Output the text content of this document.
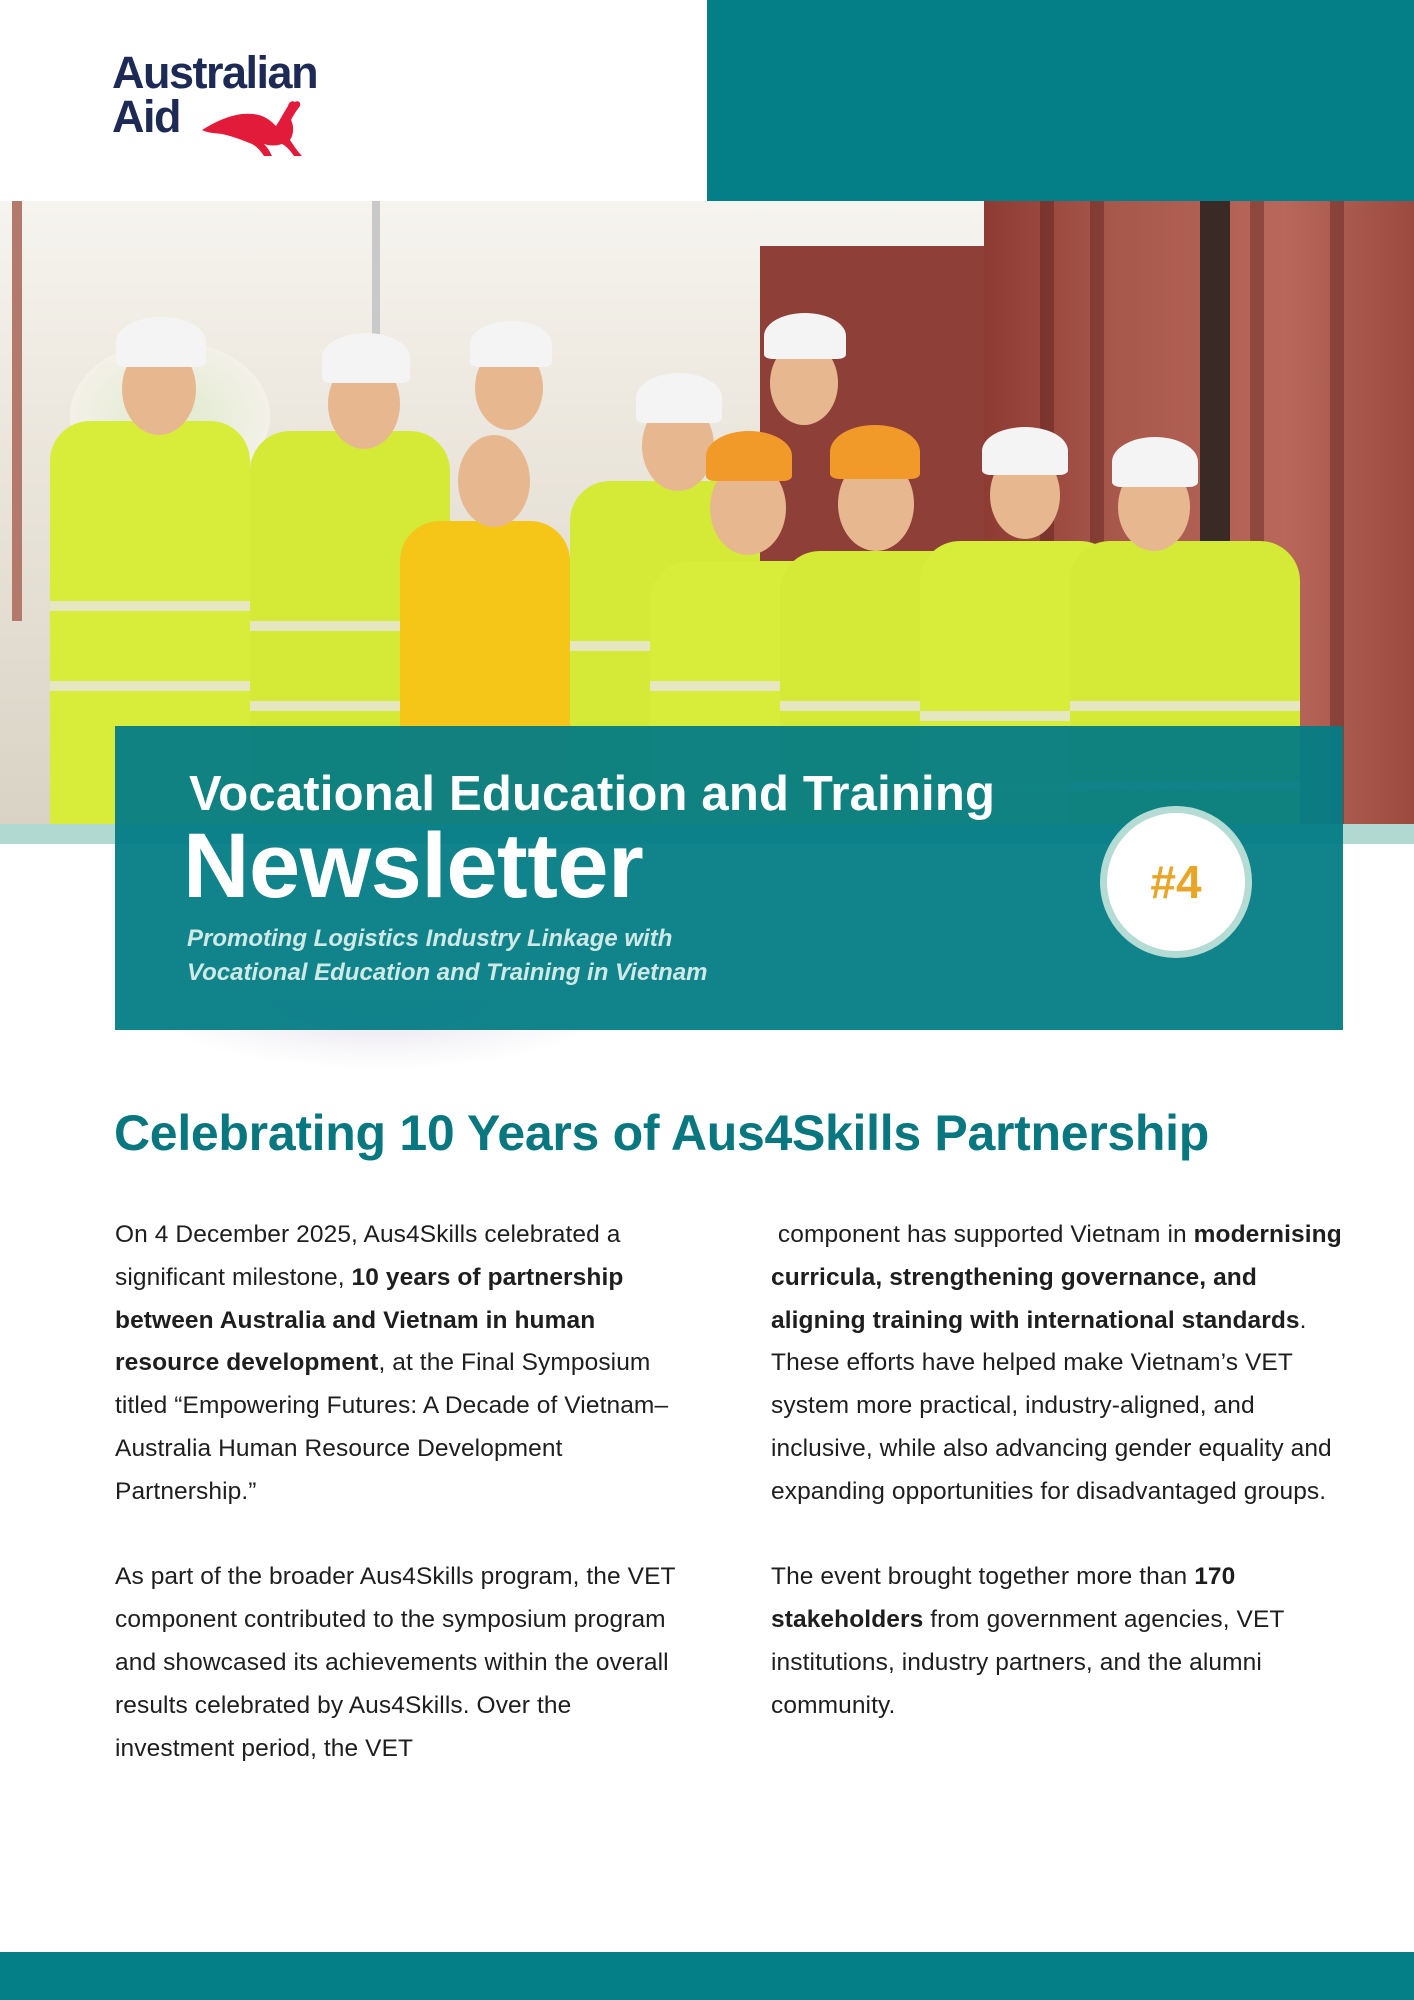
Australian
Aid
Vocational Education and Training
Newsletter
Promoting Logistics Industry Linkage with
Vocational Education and Training in Vietnam
#4
Celebrating 10 Years of Aus4Skills Partnership

On 4 December 2025, Aus4Skills celebrated a significant milestone, 10 years of partnership between Australia and Vietnam in human resource development, at the Final Symposium titled “Empowering Futures: A Decade of Vietnam–Australia Human Resource Development Partnership.”

As part of the broader Aus4Skills program, the VET component contributed to the symposium program and showcased its achievements within the overall results celebrated by Aus4Skills. Over the investment period, the VET

component has supported Vietnam in modernising curricula, strengthening governance, and aligning training with international standards. These efforts have helped make Vietnam’s VET system more practical, industry-aligned, and inclusive, while also advancing gender equality and expanding opportunities for disadvantaged groups.

The event brought together more than 170 stakeholders from government agencies, VET institutions, industry partners, and the alumni community.
